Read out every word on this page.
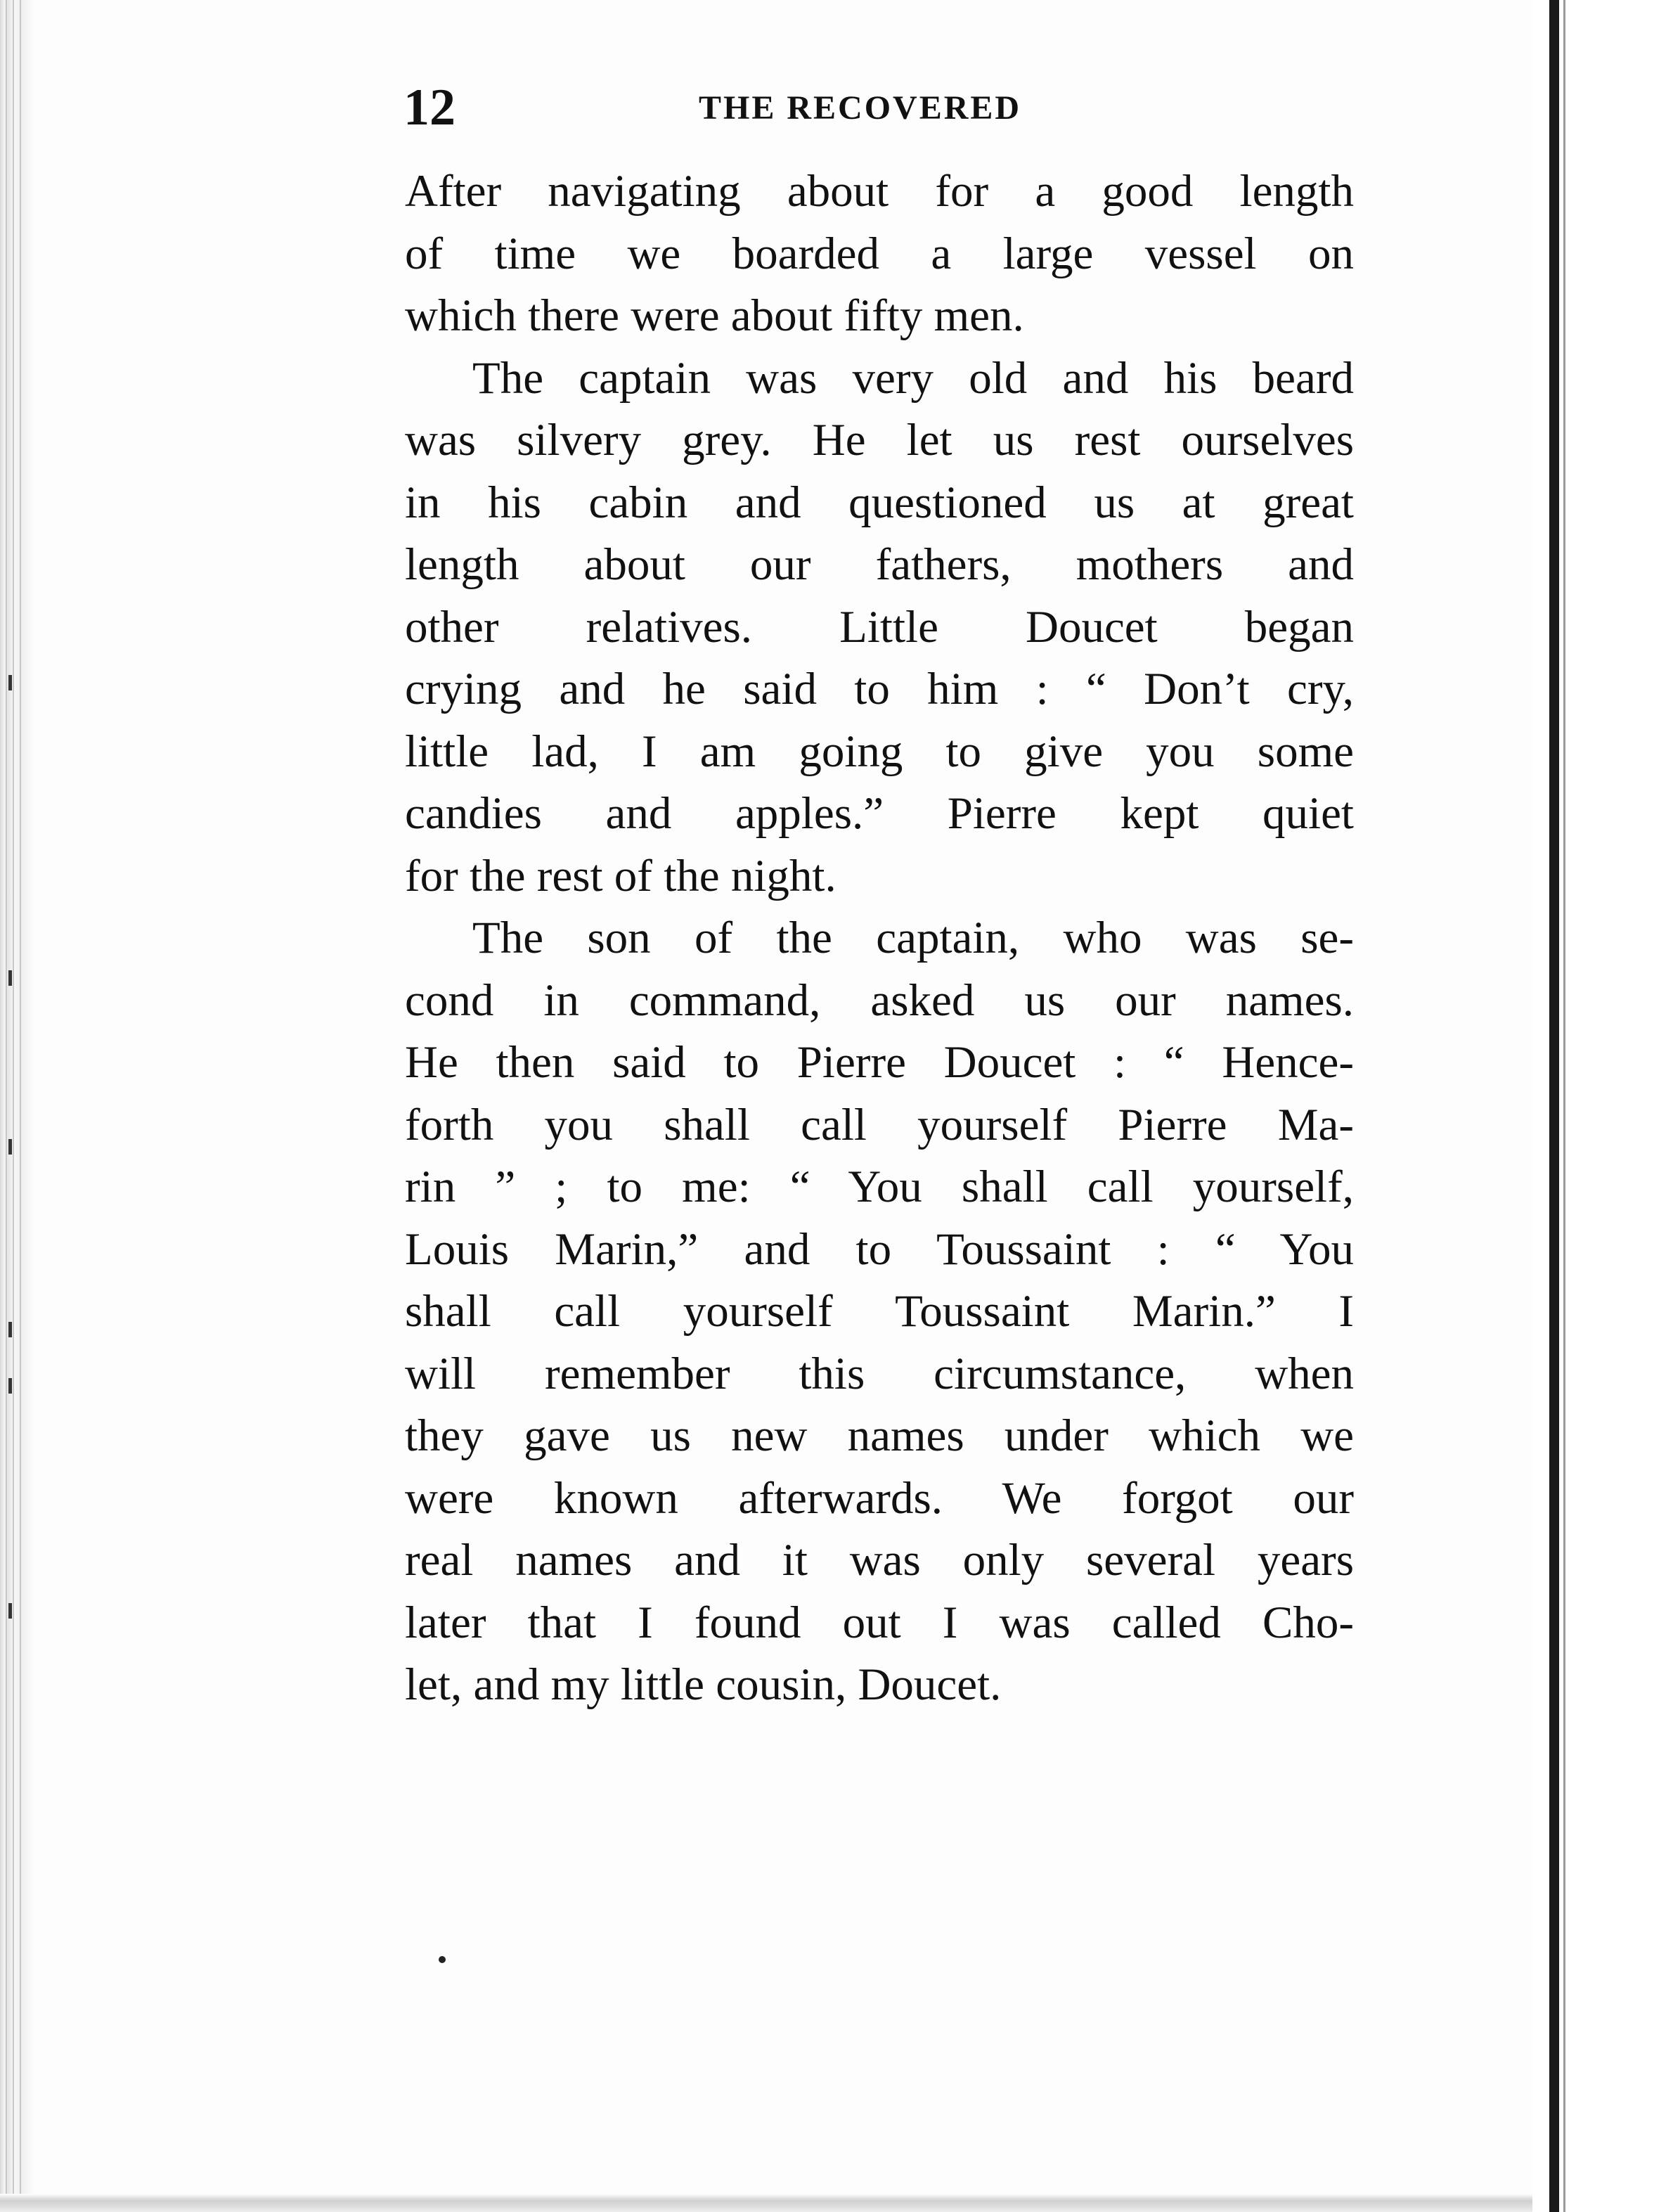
12	THE RECOVERED
After navigating about for a good length
of time we boarded a large vessel on
which there were about fifty men.
The captain was very old and his beard
was silvery grey. He let us rest ourselves
in his cabin and questioned us at great
length about our fathers, mothers and
other relatives. Little Doucet began
crying and he said to him : “ Don’t cry,
little lad, I am going to give you some
candies and apples.” Pierre kept quiet
for the rest of the night.
The son of the captain, who was se-
cond in command, asked us our names.
He then said to Pierre Doucet : “ Hence-
forth you shall call yourself Pierre Ma-
rin ” ; to me: “ You shall call yourself,
Louis Marin,” and to Toussaint : “ You
shall call yourself Toussaint Marin.” I
will remember this circumstance, when
they gave us new names under which we
were known afterwards. We forgot our
real names and it was only several years
later that I found out I was called Cho-
let, and my little cousin, Doucet.
